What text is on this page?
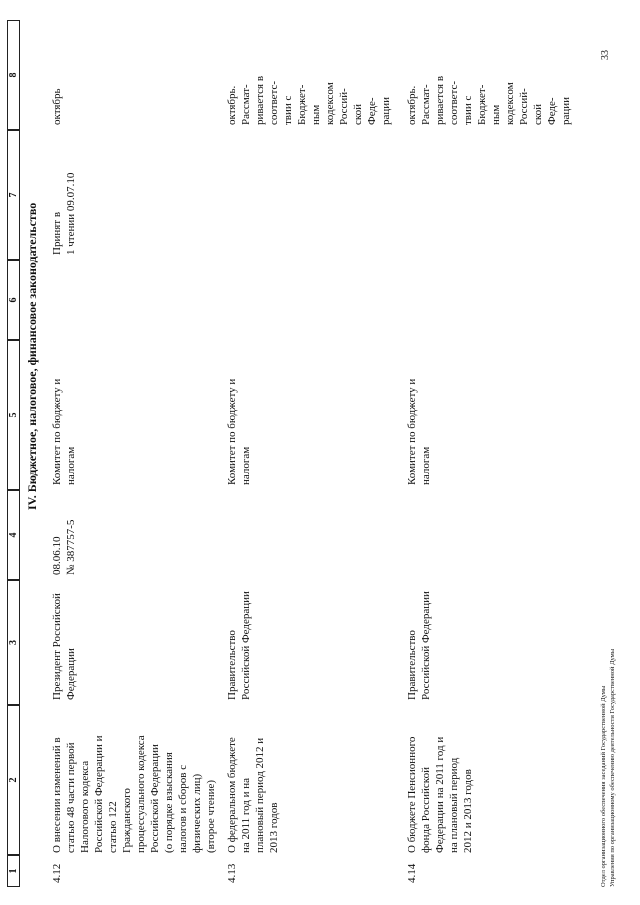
1
2
3
4
5
6
7
8
IV. Бюджетное, налоговое, финансовое законодательство
4.12
О внесении изменений в
статью 48 части первой
Налогового кодекса
Российской Федерации и
статью 122
Гражданского
процессуального кодекса
Российской Федерации
(о порядке взыскания
налогов и сборов с
физических лиц)
(второе чтение)
Президент Российской
Федерации
08.06.10
№ 387757-5
Комитет по бюджету и
налогам
Принят в
1 чтении 09.07.10
октябрь
4.13
О федеральном бюджете
на 2011 год и на
плановый период 2012 и
2013 годов
Правительство
Российской Федерации
Комитет по бюджету и
налогам
октябрь.
Рассмат-
ривается в
соответс-
твии с
Бюджет-
ным
кодексом
Россий-
ской
Феде-
рации
4.14
О бюджете Пенсионного
фонда Российской
Федерации на 2011 год и
на плановый период
2012 и 2013 годов
Правительство
Российской Федерации
Комитет по бюджету и
налогам
октябрь.
Рассмат-
ривается в
соответс-
твии с
Бюджет-
ным
кодексом
Россий-
ской
Феде-
рации
Отдел организационного обеспечения заседаний Государственной Думы Управления по организационному обеспечению деятельности Государственной Думы
33
